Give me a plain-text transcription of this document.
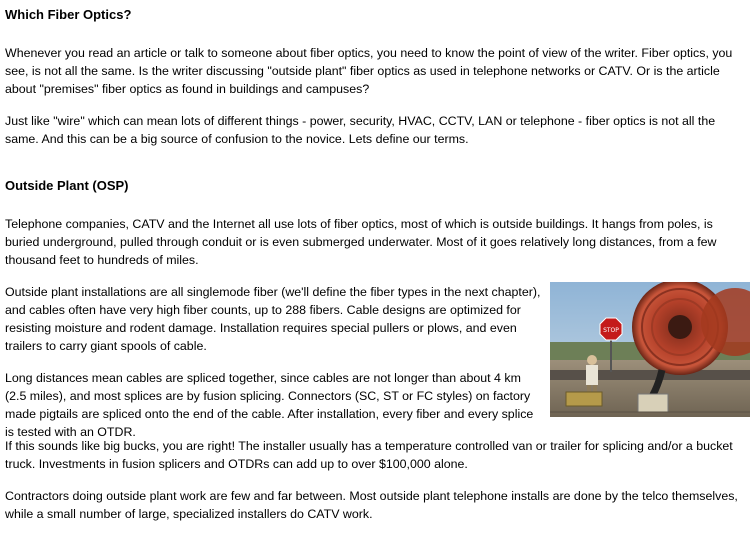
Which Fiber Optics?

Whenever you read an article or talk to someone about fiber optics, you need to know the point of view of the writer. Fiber optics, you see, is not all the same. Is the writer discussing "outside plant" fiber optics as used in telephone networks or CATV. Or is the article about "premises" fiber optics as found in buildings and campuses?

Just like "wire" which can mean lots of different things - power, security, HVAC, CCTV, LAN or telephone - fiber optics is not all the same. And this can be a big source of confusion to the novice. Lets define our terms.

Outside Plant (OSP)

Telephone companies, CATV and the Internet all use lots of fiber optics, most of which is outside buildings. It hangs from poles, is buried underground, pulled through conduit or is even submerged underwater. Most of it goes relatively long distances, from a few thousand feet to hundreds of miles.

Outside plant installations are all singlemode fiber (we'll define the fiber types in the next chapter), and cables often have very high fiber counts, up to 288 fibers. Cable designs are optimized for resisting moisture and rodent damage. Installation requires special pullers or plows, and even trailers to carry giant spools of cable.

Long distances mean cables are spliced together, since cables are not longer than about 4 km (2.5 miles), and most splices are by fusion splicing. Connectors (SC, ST or FC styles) on factory made pigtails are spliced onto the end of the cable. After installation, every fiber and every splice is tested with an OTDR.

If this sounds like big bucks, you are right! The installer usually has a temperature controlled van or trailer for splicing and/or a bucket truck. Investments in fusion splicers and OTDRs can add up to over $100,000 alone.

Contractors doing outside plant work are few and far between. Most outside plant telephone installs are done by the telco themselves, while a small number of large, specialized installers do CATV work.

STOP
